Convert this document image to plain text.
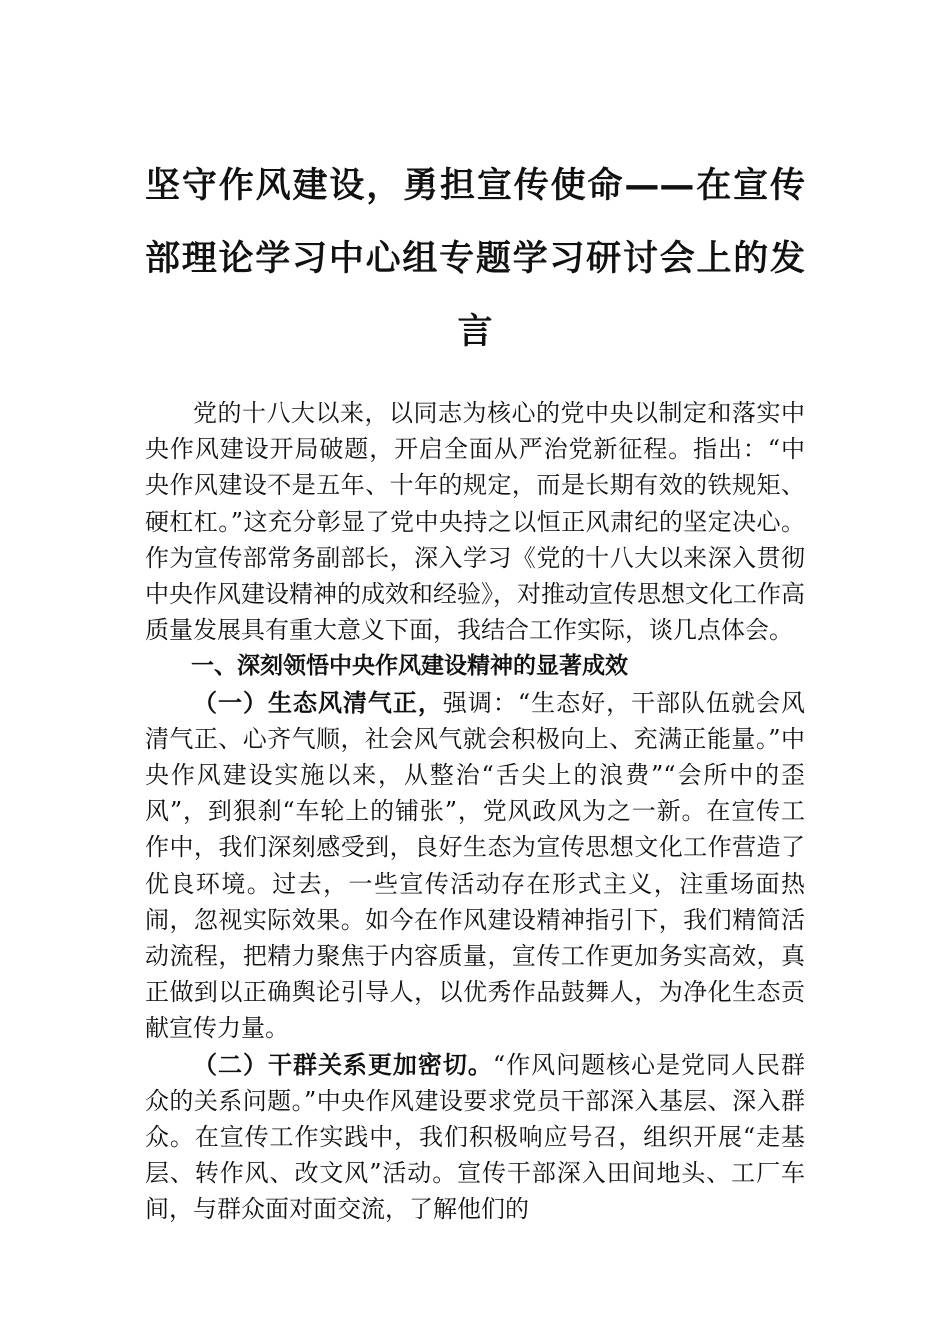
坚守作风建设，勇担宣传使命——在宣传部理论学习中心组专题学习研讨会上的发言

党的十八大以来，以同志为核心的党中央以制定和落实中央作风建设开局破题，开启全面从严治党新征程。指出：“中央作风建设不是五年、十年的规定，而是长期有效的铁规矩、硬杠杠。”这充分彰显了党中央持之以恒正风肃纪的坚定决心。作为宣传部常务副部长，深入学习《党的十八大以来深入贯彻中央作风建设精神的成效和经验》，对推动宣传思想文化工作高质量发展具有重大意义下面，我结合工作实际，谈几点体会。

一、深刻领悟中央作风建设精神的显著成效

（一）生态风清气正，强调：“生态好，干部队伍就会风清气正、心齐气顺，社会风气就会积极向上、充满正能量。”中央作风建设实施以来，从整治“舌尖上的浪费”“会所中的歪风”，到狠刹“车轮上的铺张”，党风政风为之一新。在宣传工作中，我们深刻感受到，良好生态为宣传思想文化工作营造了优良环境。过去，一些宣传活动存在形式主义，注重场面热闹，忽视实际效果。如今在作风建设精神指引下，我们精简活动流程，把精力聚焦于内容质量，宣传工作更加务实高效，真正做到以正确舆论引导人，以优秀作品鼓舞人，为净化生态贡献宣传力量。

（二）干群关系更加密切。“作风问题核心是党同人民群众的关系问题。”中央作风建设要求党员干部深入基层、深入群众。在宣传工作实践中，我们积极响应号召，组织开展“走基层、转作风、改文风”活动。宣传干部深入田间地头、工厂车间，与群众面对面交流，了解他们的
